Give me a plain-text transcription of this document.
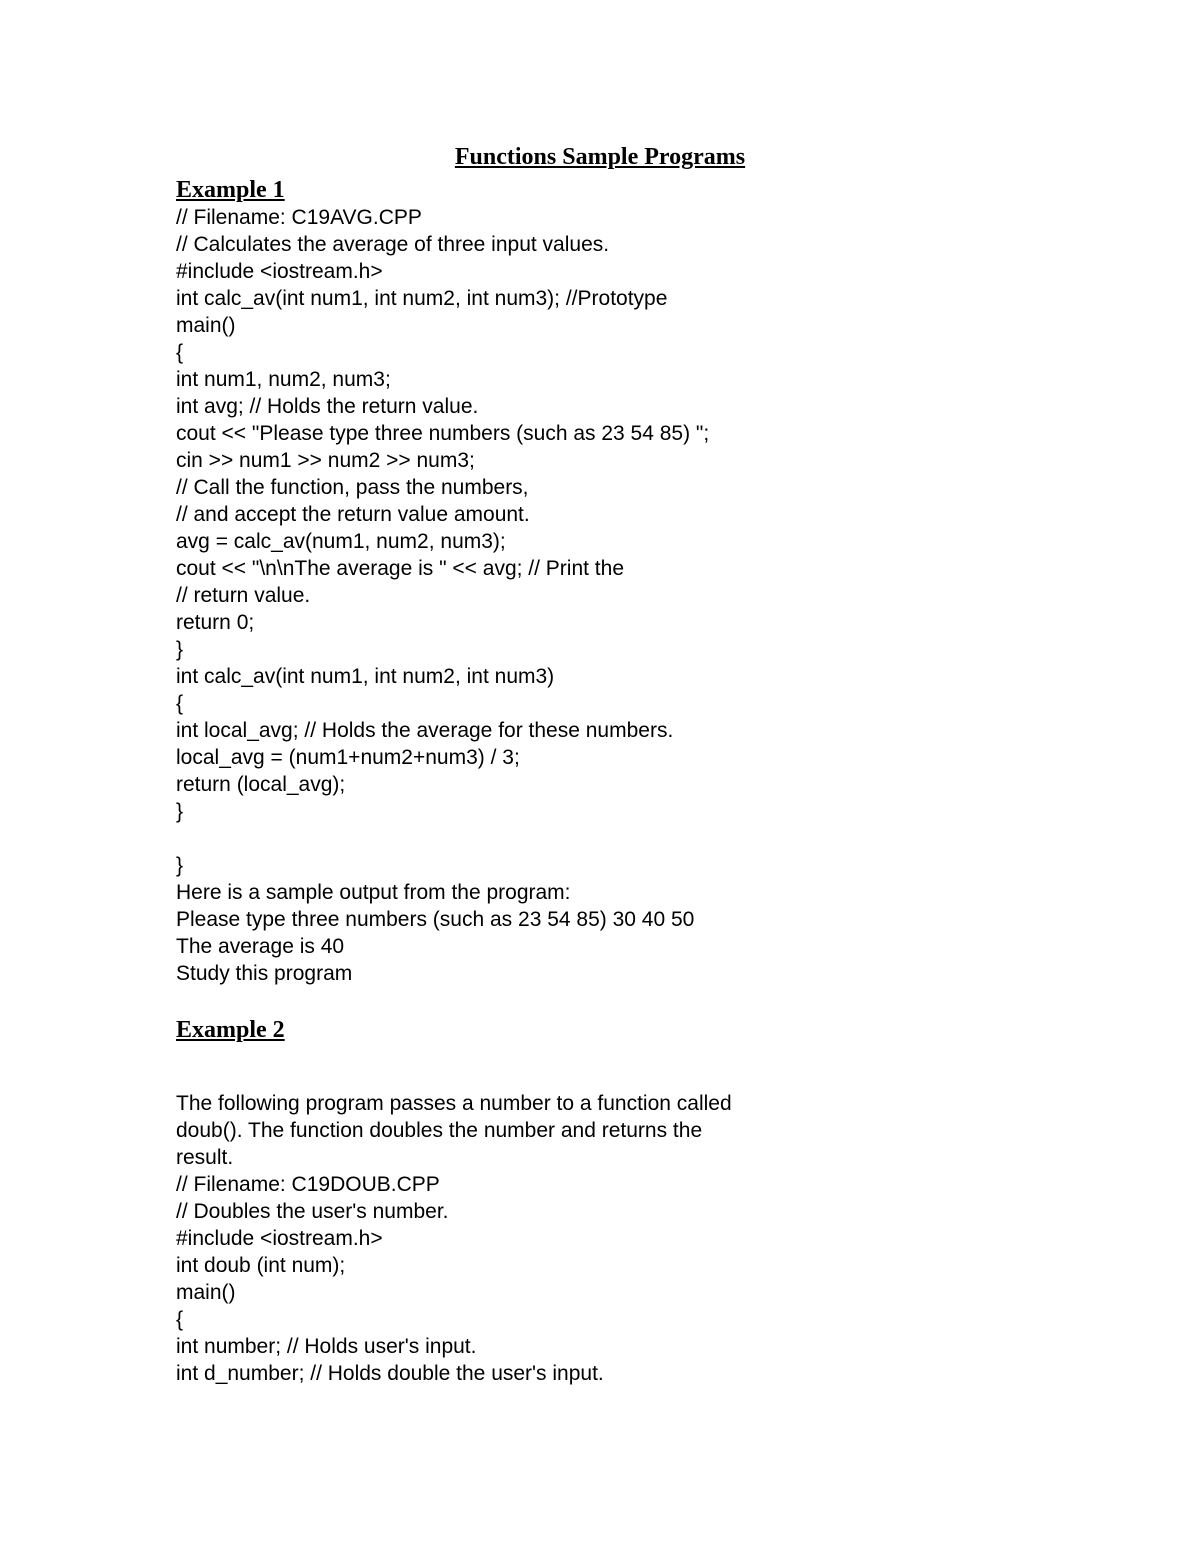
Functions Sample Programs
Example 1
// Filename: C19AVG.CPP
// Calculates the average of three input values.
#include <iostream.h>
int calc_av(int num1, int num2, int num3); //Prototype
main()
{
int num1, num2, num3;
int avg; // Holds the return value.
cout << "Please type three numbers (such as 23 54 85) ";
cin >> num1 >> num2 >> num3;
// Call the function, pass the numbers,
// and accept the return value amount.
avg = calc_av(num1, num2, num3);
cout << "\n\nThe average is " << avg; // Print the
// return value.
return 0;
}
int calc_av(int num1, int num2, int num3)
{
int local_avg; // Holds the average for these numbers.
local_avg = (num1+num2+num3) / 3;
return (local_avg);
}
}
Here is a sample output from the program:
Please type three numbers (such as 23 54 85) 30 40 50
The average is 40
Study this program
Example 2
The following program passes a number to a function called
doub(). The function doubles the number and returns the
result.
// Filename: C19DOUB.CPP
// Doubles the user's number.
#include <iostream.h>
int doub (int num);
main()
{
int number; // Holds user's input.
int d_number; // Holds double the user's input.
